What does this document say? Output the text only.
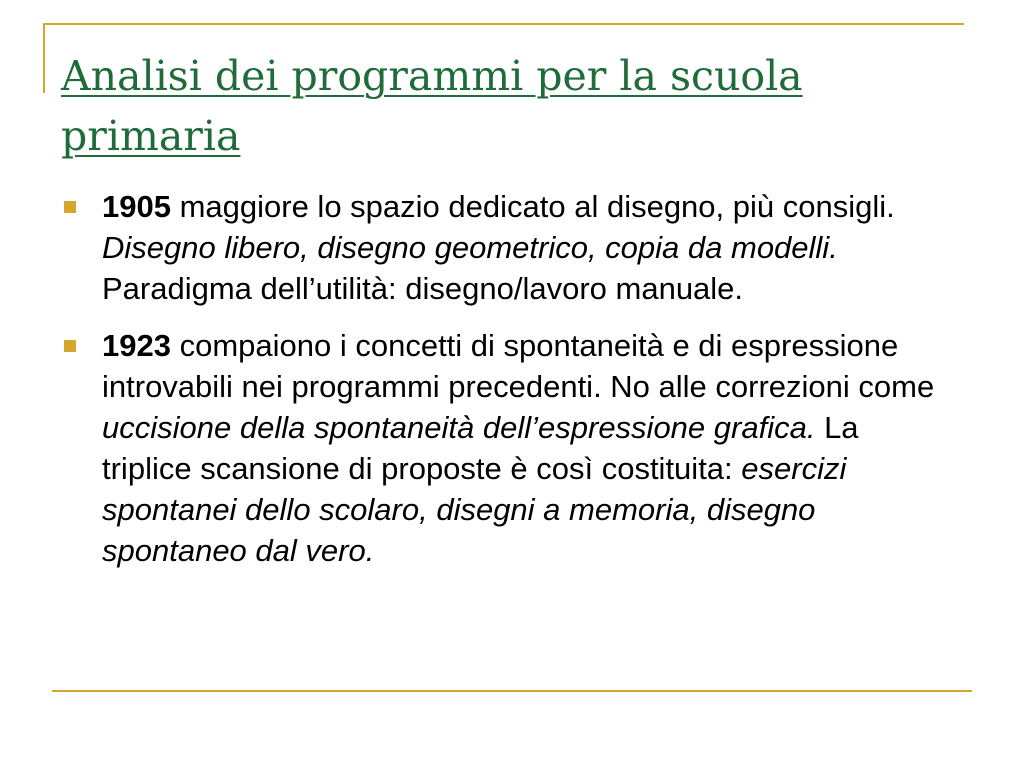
Analisi dei programmi per la scuola primaria
1905 maggiore lo spazio dedicato al disegno, più consigli. Disegno libero, disegno geometrico, copia da modelli. Paradigma dell’utilità: disegno/lavoro manuale.
1923 compaiono i concetti di spontaneità e di espressione introvabili nei programmi precedenti. No alle correzioni come uccisione della spontaneità dell’espressione grafica. La triplice scansione di proposte è così costituita: esercizi spontanei dello scolaro, disegni a memoria, disegno spontaneo dal vero.
